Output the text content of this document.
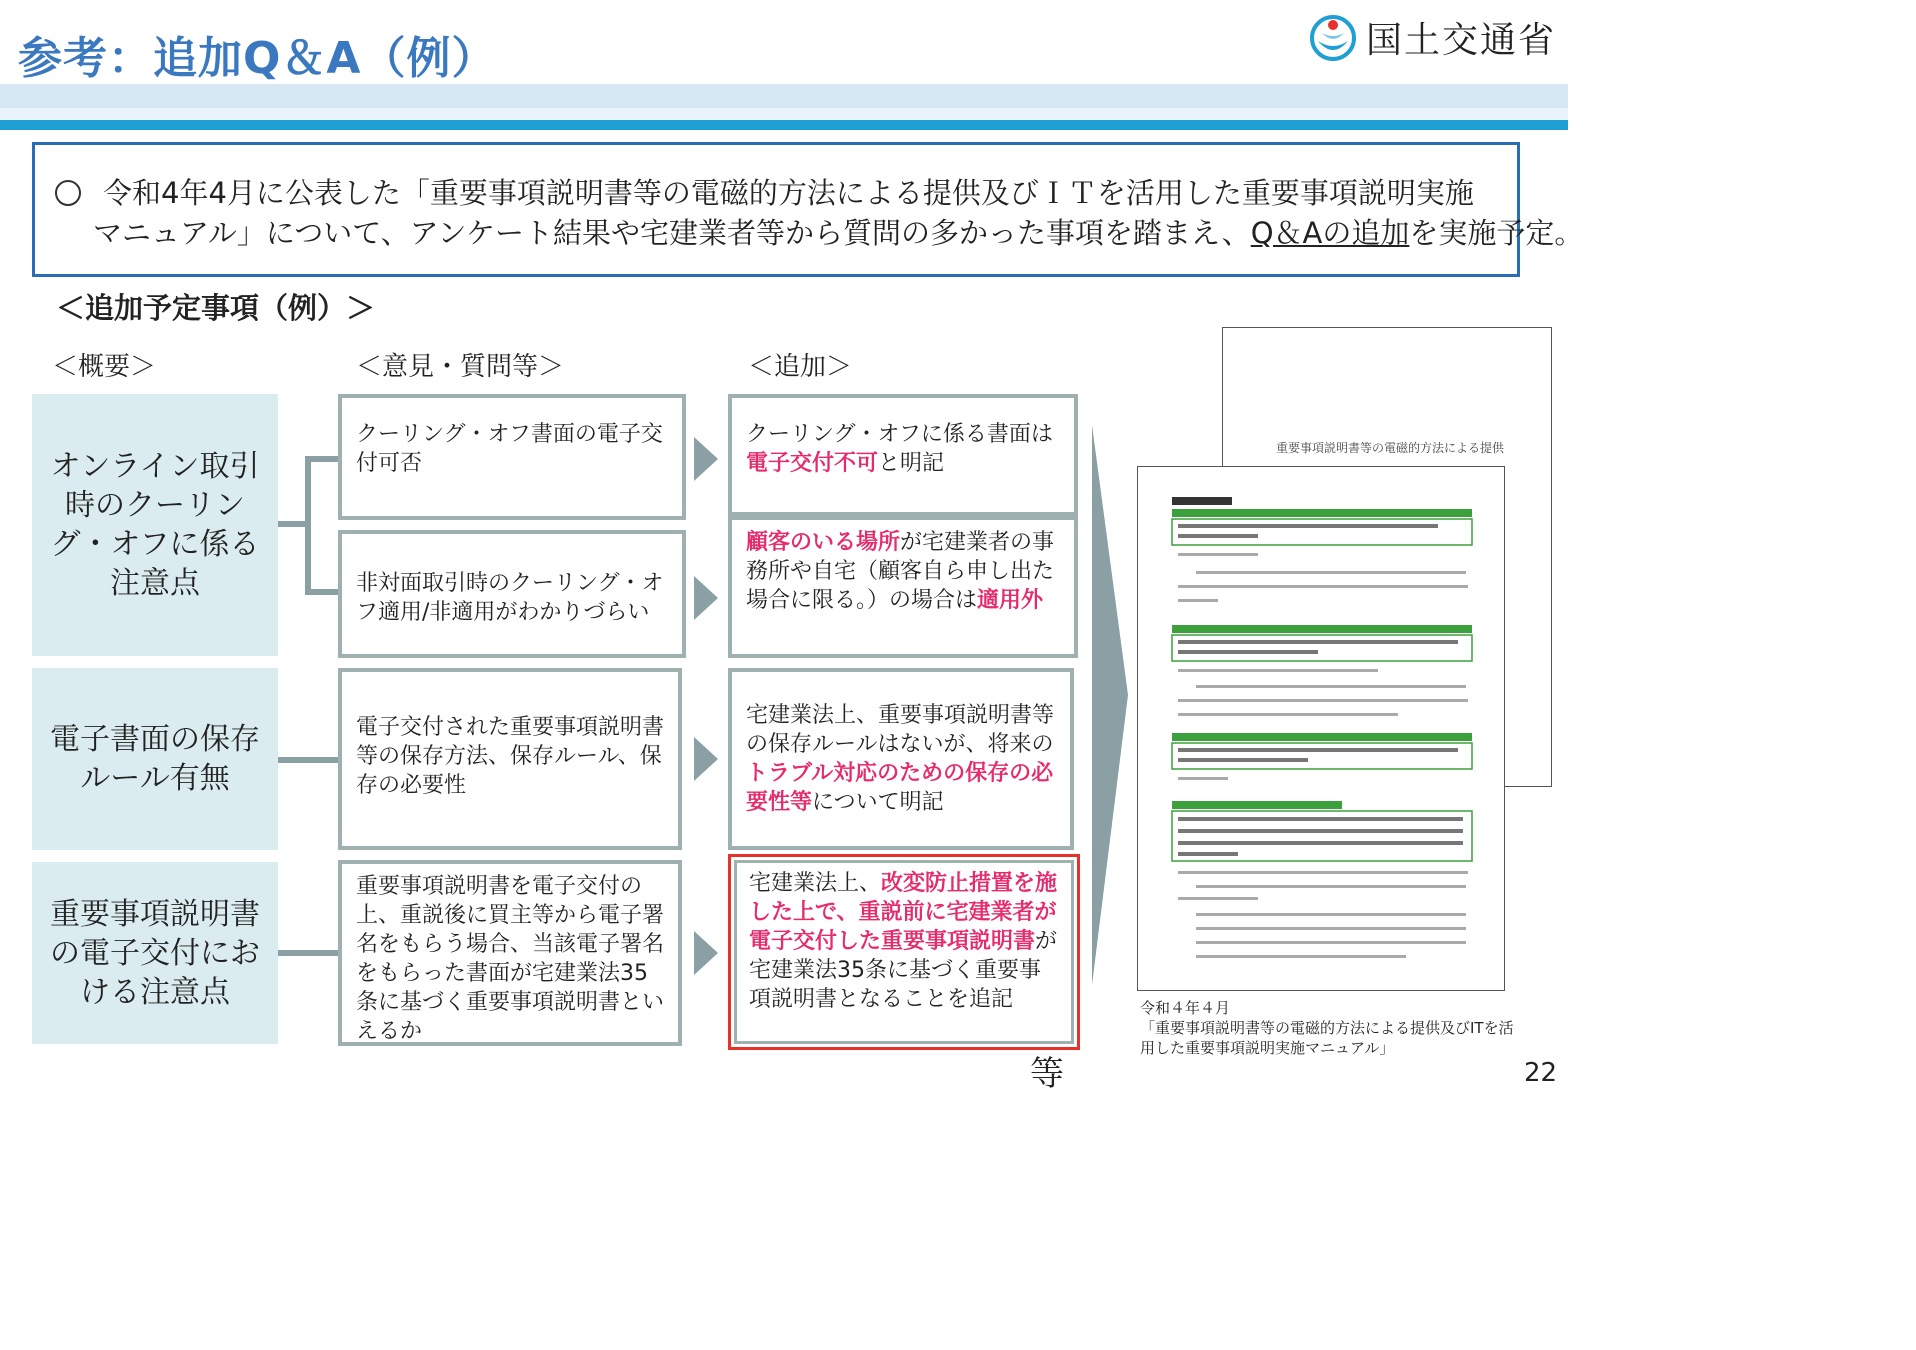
参考：追加Q＆A（例）	国土交通省
令和4年4月に公表した「重要事項説明書等の電磁的方法による提供及びＩＴを活用した重要事項説明実施
マニュアル」について、アンケート結果や宅建業者等から質問の多かった事項を踏まえ、Q＆Aの追加を実施予定。
＜追加予定事項（例）＞
＜概要＞	＜意見・質問等＞	＜追加＞
オンライン取引時のクーリング・オフに係る注意点
電子書面の保存ルール有無
重要事項説明書の電子交付における注意点
クーリング・オフ書面の電子交付可否
非対面取引時のクーリング・オフ適用/非適用がわかりづらい
電子交付された重要事項説明書等の保存方法、保存ルール、保存の必要性
重要事項説明書を電子交付の上、重説後に買主等から電子署名をもらう場合、当該電子署名をもらった書面が宅建業法35条に基づく重要事項説明書といえるか
クーリング・オフに係る書面は電子交付不可と明記
顧客のいる場所が宅建業者の事務所や自宅（顧客自ら申し出た場合に限る。）の場合は適用外
宅建業法上、重要事項説明書等の保存ルールはないが、将来のトラブル対応のための保存の必要性等について明記
宅建業法上、改変防止措置を施した上で、重説前に宅建業者が電子交付した重要事項説明書が宅建業法35条に基づく重要事項説明書となることを追記
重要事項説明書等の電磁的方法による提供
令和４年４月
「重要事項説明書等の電磁的方法による提供及びITを活
用した重要事項説明実施マニュアル」
等	22
